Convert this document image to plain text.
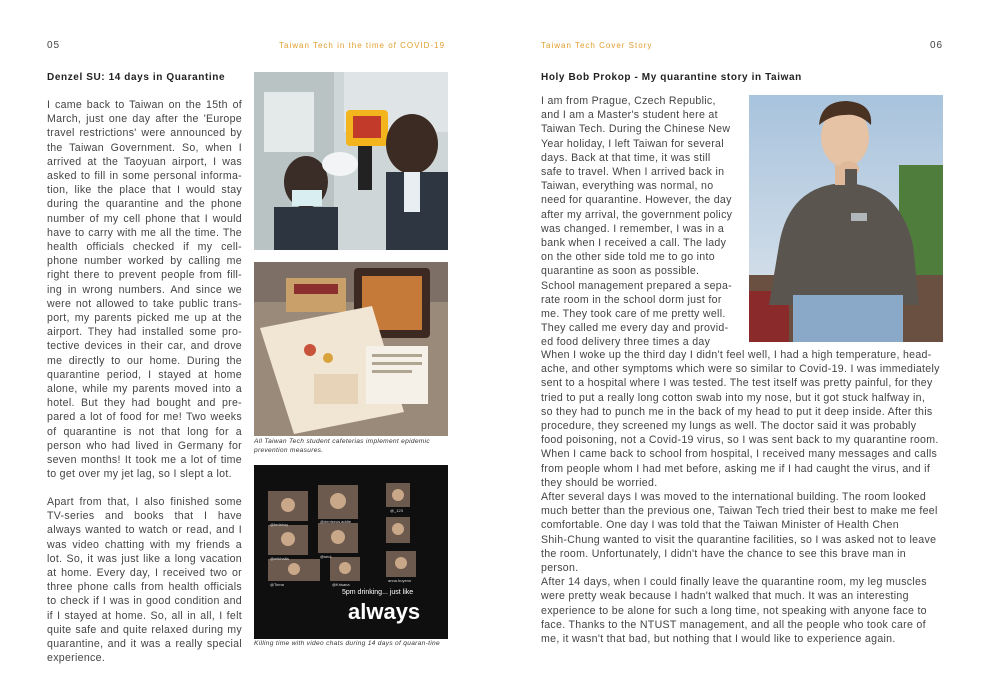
05	Taiwan Tech in the time of COVID-19
Denzel SU: 14 days in Quarantine
I came back to Taiwan on the 15th of March, just one day after the 'Europe travel restrictions' were announced by the Taiwan Government. So, when I arrived at the Taoyuan airport, I was asked to fill in some personal informa-tion, like the place that I would stay during the quarantine and the phone number of my cell phone that I would have to carry with me all the time. The health officials checked if my cell-phone number worked by calling me right there to prevent people from fill-ing in wrong numbers. And since we were not allowed to take public trans-port, my parents picked me up at the airport. They had installed some pro-tective devices in their car, and drove me directly to our home. During the quarantine period, I stayed at home alone, while my parents moved into a hotel. But they had bought and pre-pared a lot of food for me! Two weeks of quarantine is not that long for a person who had lived in Germany for seven months! It took me a lot of time to get over my jet lag, so I slept a lot.
Apart from that, I also finished some TV-series and books that I have always wanted to watch or read, and I was video chatting with my friends a lot. So, it was just like a long vacation at home. Every day, I received two or three phone calls from health officials to check if I was in good condition and if I stayed at home. So, all in all, I felt quite safe and quite relaxed during my quarantine, and it was a really special experience.
All Taiwan Tech student cafeterias implement epidemic prevention measures.
5pm drinking... just like
always
@tedsboy
@deniseus.addie
@_123
@seul
@mikhaila
anna.huyenn
@Toma	@Krisana
Killing time with video chats during 14 days of quaran-tine
Taiwan Tech Cover Story	06
Holy Bob Prokop - My quarantine story in Taiwan
I am from Prague, Czech Republic,
and I am a Master's student here at
Taiwan Tech. During the Chinese New
Year holiday, I left Taiwan for several
days. Back at that time, it was still
safe to travel. When I arrived back in
Taiwan, everything was normal, no
need for quarantine. However, the day
after my arrival, the government policy
was changed. I remember, I was in a
bank when I received a call. The lady
on the other side told me to go into
quarantine as soon as possible.
School management prepared a sepa-
rate room in the school dorm just for
me. They took care of me pretty well.
They called me every day and provid-
ed food delivery three times a day
When I woke up the third day I didn't feel well, I had a high temperature, head-
ache, and other symptoms which were so similar to Covid-19. I was immediately
sent to a hospital where I was tested. The test itself was pretty painful, for they
tried to put a really long cotton swab into my nose, but it got stuck halfway in,
so they had to punch me in the back of my head to put it deep inside. After this
procedure, they screened my lungs as well. The doctor said it was probably
food poisoning, not a Covid-19 virus, so I was sent back to my quarantine room.
When I came back to school from hospital, I received many messages and calls
from people whom I had met before, asking me if I had caught the virus, and if
they should be worried.
After several days I was moved to the international building. The room looked
much better than the previous one, Taiwan Tech tried their best to make me feel
comfortable. One day I was told that the Taiwan Minister of Health Chen
Shih-Chung wanted to visit the quarantine facilities, so I was asked not to leave
the room. Unfortunately, I didn't have the chance to see this brave man in
person.
After 14 days, when I could finally leave the quarantine room, my leg muscles
were pretty weak because I hadn't walked that much. It was an interesting
experience to be alone for such a long time, not speaking with anyone face to
face. Thanks to the NTUST management, and all the people who took care of
me, it wasn't that bad, but nothing that I would like to experience again.
